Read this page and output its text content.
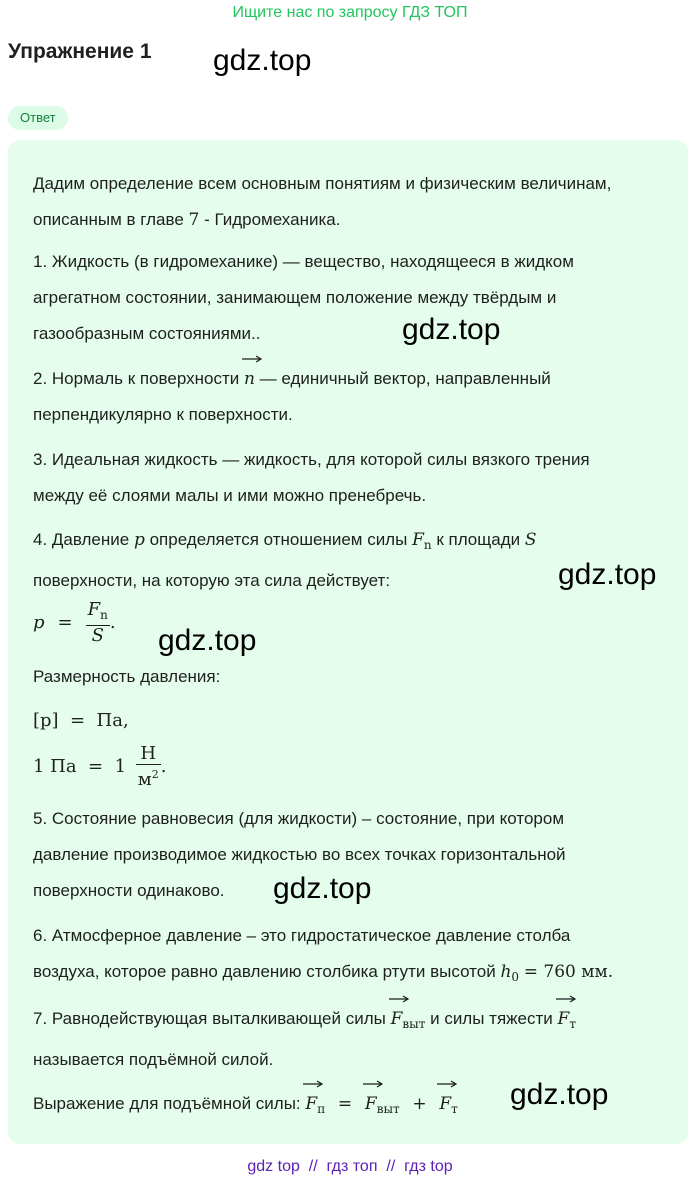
Ищите нас по запросу ГДЗ ТОП
Упражнение 1 gdz.top
Ответ
Дадим определение всем основным понятиям и физическим величинам,
описанным в главе 7 - Гидромеханика.
1. Жидкость (в гидромеханике) — вещество, находящееся в жидком
агрегатном состоянии, занимающем положение между твёрдым и
газообразным состояниями..	gdz.top
2. Нормаль к поверхности n — единичный вектор, направленный
перпендикулярно к поверхности.
3. Идеальная жидкость — жидкость, для которой силы вязкого трения
между её слоями малы и ими можно пренебречь.
4. Давление p определяется отношением силы $F_n$ к площади S
поверхности, на которую эта сила действует:	gdz.top
$p = \frac{F_n}{S}$ .
gdz.top
Размерность давления:
[p]  =  Па,
1 Па  =  $1 \frac{Н}{м^2}$ .
5. Состояние равновесия (для жидкости) – состояние, при котором
давление производимое жидкостью во всех точках горизонтальной
поверхности одинаково.	gdz.top
6. Атмосферное давление – это гидростатическое давление столба
воздуха, которое равно давлению столбика ртути высотой $h_0 = 760$ мм.
7. Равнодействующая выталкивающей силы $F_{выт}$ и силы тяжести $F_т$
называется подъёмной силой.
Выражение для подъёмной силы: $F_п = F_{выт} + F_т$	gdz.top
gdz top  //  гдз топ  //  гдз top
